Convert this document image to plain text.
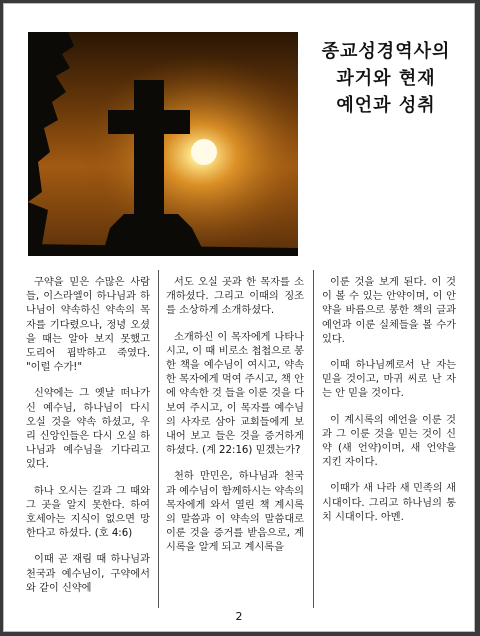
종교성경역사의
과거와 현재
예언과 성취

구약을 믿은 수많은 사람들, 이스라엘이 하나님과 하나님이 약속하신 약속의 목자를 기다렸으나, 정녕 오셨을 때는 알아 보지 못했고 도리어 핍박하고 죽였다. "이럴 수가!"

신약에는 그 옛날 떠나가신 예수님, 하나님이 다시 오실 것을 약속 하셨고, 우리 신앙인들은 다시 오실 하나님과 예수님을 기다리고 있다.

하나 오시는 길과 그 때와 그 곳을 알지 못한다. 하여 호세아는 지식이 없으면 망한다고 하셨다. (호 4:6)

이때 곧 재림 때 하나님과 천국과 예수님이, 구약에서와 같이 신약에

서도 오실 곳과 한 목자를 소개하셨다. 그리고 이때의 징조를 소상하게 소개하셨다.

소개하신 이 목자에게 나타나시고, 이 때 비로소 첩첩으로 봉한 책을 예수님이 여시고, 약속한 목자에게 먹여 주시고, 책 안에 약속한 것 들을 이룬 것을 다 보여 주시고, 이 목자를 예수님의 사자로 삼아 교회들에게 보내어 보고 들은 것을 증거하게 하셨다. (계 22:16) 믿겠는가?

천하 만민은, 하나님과 천국과 예수님이 함께하시는 약속의 목자에게 와서 열린 책 계시록의 말씀과 이 약속의 말씀대로 이룬 것을 증거를 받음으로, 계시록을 알게 되고 계시록을

이룬 것을 보게 된다. 이 것이 볼 수 있는 안약이며, 이 안약을 바름으로 봉한 책의 글과 예언과 이룬 실체들을 볼 수가 있다.

이때 하나님께로서 난 자는 믿을 것이고, 마귀 씨로 난 자는 안 믿을 것이다.

이 계시록의 예언을 이룬 것과 그 이룬 것을 믿는 것이 신약 (새 언약)이며, 새 언약을 지킨 자이다.

이때가 새 나라 새 민족의 새 시대이다. 그리고 하나님의 통치 시대이다. 아멘.

2
